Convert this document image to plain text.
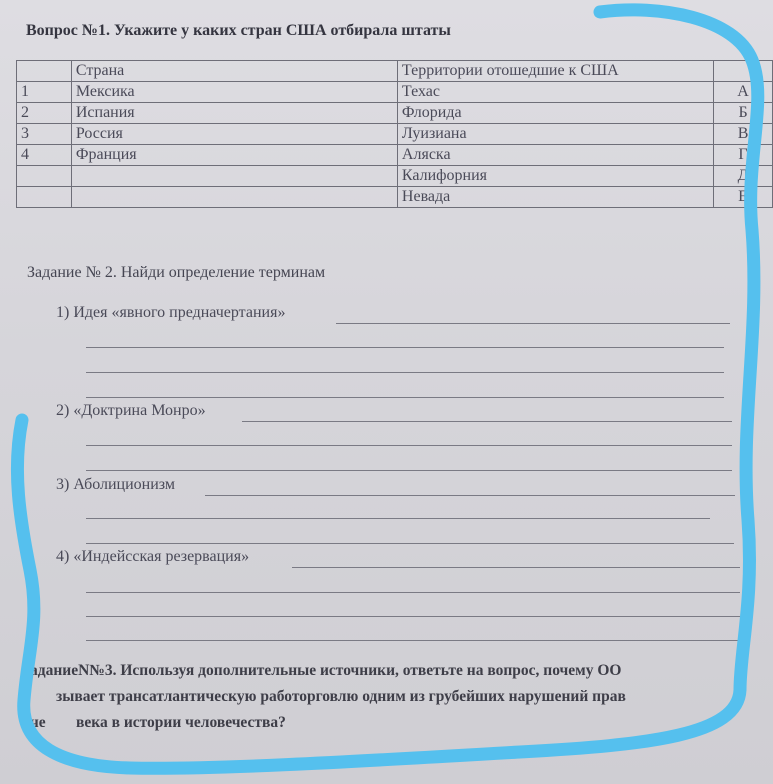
Вопрос №1. Укажите у каких стран США отбирала штаты
	Страна	Территории отошедшие к США	
1	Мексика	Техас	А
2	Испания	Флорида	Б
3	Россия	Луизиана	В
4	Франция	Аляска	Г
		Калифорния	Д
		Невада	Е
Задание № 2. Найди определение терминам
1) Идея «явного предначертания»
2) «Доктрина Монро»
3) Аболиционизм
4) «Индейсская резервация»
аданиеN№3. Используя дополнительные источники, ответьте на вопрос, почему ОО
зывает трансатлантическую работорговлю одним из грубейших нарушений прав
че века в истории человечества?
